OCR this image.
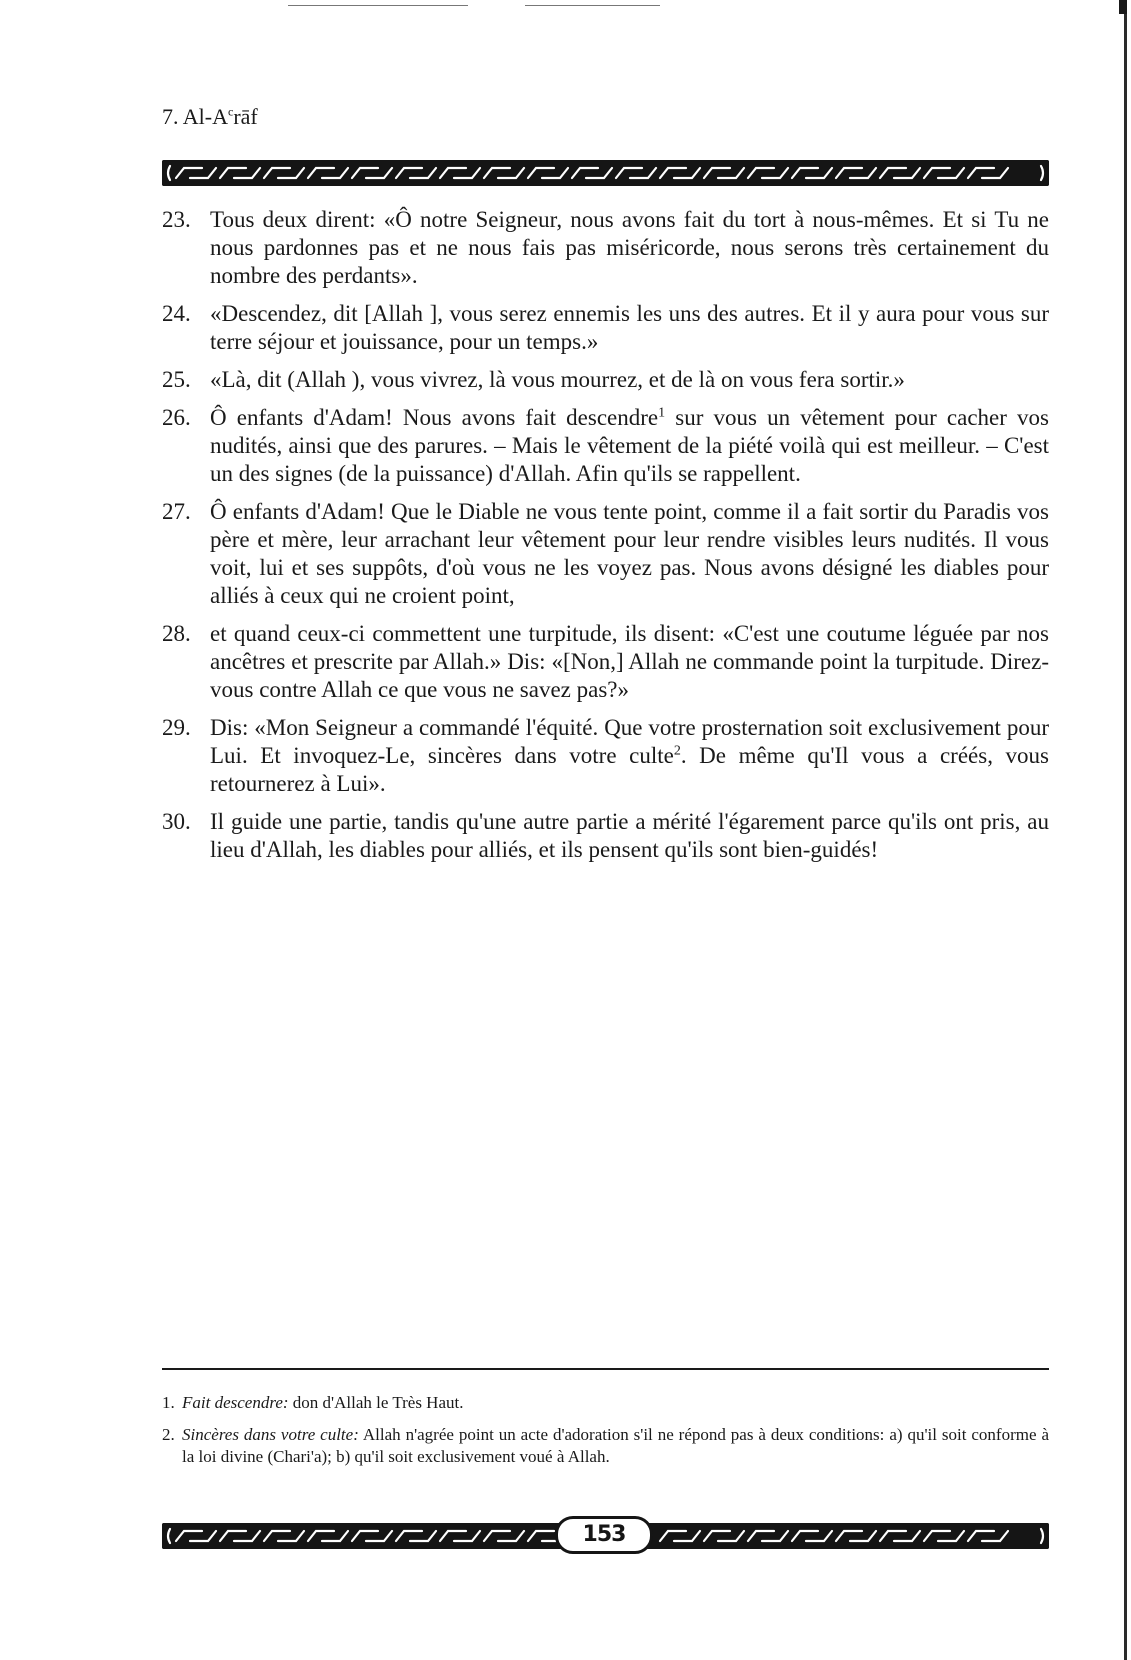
7. $Al-A^crāf$
23. Tous deux dirent: «Ô notre Seigneur, nous avons fait du tort à nous-mêmes. Et si Tu ne nous pardonnes pas et ne nous fais pas miséricorde, nous serons très certainement du nombre des perdants».
24. «Descendez, dit [Allah ], vous serez ennemis les uns des autres. Et il y aura pour vous sur terre séjour et jouissance, pour un temps.»
25. «Là, dit (Allah ), vous vivrez, là vous mourrez, et de là on vous fera sortir.»
26. Ô enfants d'Adam! Nous avons fait descendre$^1$ sur vous un vêtement pour cacher vos nudités, ainsi que des parures. – Mais le vêtement de la piété voilà qui est meilleur. – C'est un des signes (de la puissance) d'Allah. Afin qu'ils se rappellent.
27. Ô enfants d'Adam! Que le Diable ne vous tente point, comme il a fait sortir du Paradis vos père et mère, leur arrachant leur vêtement pour leur rendre visibles leurs nudités. Il vous voit, lui et ses suppôts, d'où vous ne les voyez pas. Nous avons désigné les diables pour alliés à ceux qui ne croient point,
28. et quand ceux-ci commettent une turpitude, ils disent: «C'est une coutume léguée par nos ancêtres et prescrite par Allah.» Dis: «[Non,] Allah ne commande point la turpitude. Direz-vous contre Allah ce que vous ne savez pas?»
29. Dis: «Mon Seigneur a commandé l'équité. Que votre prosternation soit exclusivement pour Lui. Et invoquez-Le, sincères dans votre culte$^2$. De même qu'Il vous a créés, vous retournerez à Lui».
30. Il guide une partie, tandis qu'une autre partie a mérité l'égarement parce qu'ils ont pris, au lieu d'Allah, les diables pour alliés, et ils pensent qu'ils sont bien-guidés!
1. Fait descendre: don d'Allah le Très Haut.
2. Sincères dans votre culte: Allah n'agrée point un acte d'adoration s'il ne répond pas à deux conditions: a) qu'il soit conforme à la loi divine (Chari'a); b) qu'il soit exclusivement voué à Allah.
153
